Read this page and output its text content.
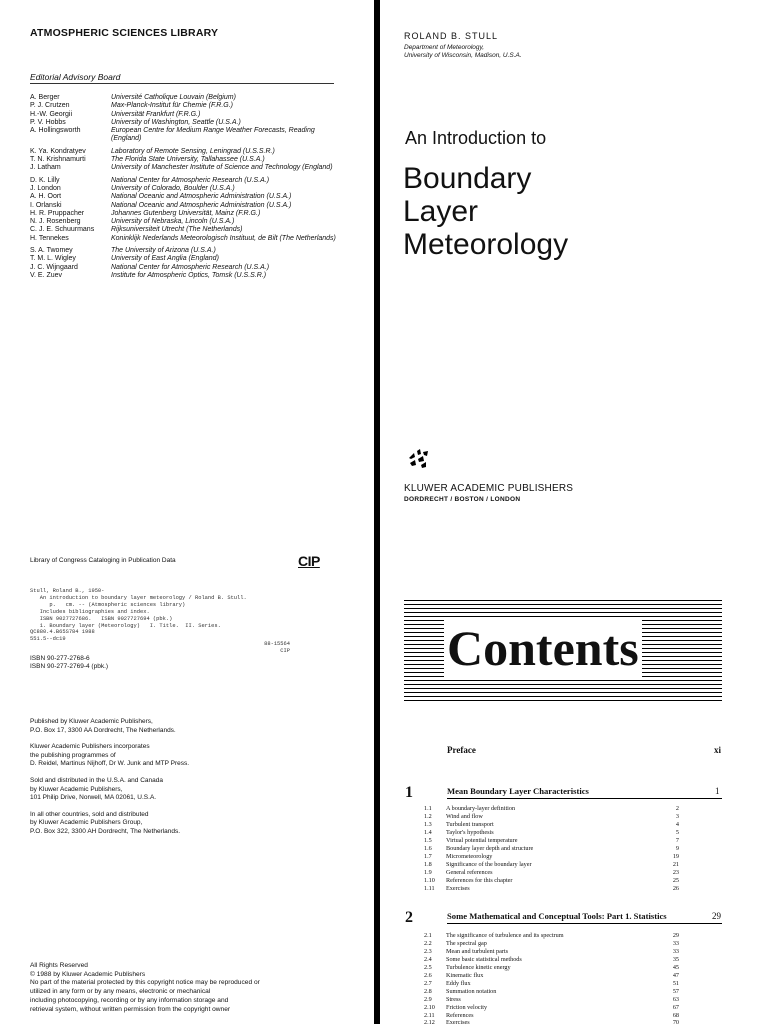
ATMOSPHERIC SCIENCES LIBRARY
Editorial Advisory Board
A. Berger	Université Catholique Louvain (Belgium)
P. J. Crutzen	Max-Planck-Institut für Chemie (F.R.G.)
H.-W. Georgii	Universität Frankfurt (F.R.G.)
P. V. Hobbs	University of Washington, Seattle (U.S.A.)
A. Hollingsworth	European Centre for Medium Range Weather Forecasts, Reading (England)
K. Ya. Kondratyev	Laboratory of Remote Sensing, Leningrad (U.S.S.R.)
T. N. Krishnamurti	The Florida State University, Tallahassee (U.S.A.)
J. Latham	University of Manchester Institute of Science and Technology (England)
D. K. Lilly	National Center for Atmospheric Research (U.S.A.)
J. London	University of Colorado, Boulder (U.S.A.)
A. H. Oort	National Oceanic and Atmospheric Administration (U.S.A.)
I. Orlanski	National Oceanic and Atmospheric Administration (U.S.A.)
H. R. Pruppacher	Johannes Gutenberg Universität, Mainz (F.R.G.)
N. J. Rosenberg	University of Nebraska, Lincoln (U.S.A.)
C. J. E. Schuurmans	Rijksuniversiteit Utrecht (The Netherlands)
H. Tennekes	Koninklijk Nederlands Meteorologisch Instituut, de Bilt (The Netherlands)
S. A. Twomey	The University of Arizona (U.S.A.)
T. M. L. Wigley	University of East Anglia (England)
J. C. Wijngaard	National Center for Atmospheric Research (U.S.A.)
V. E. Zuev	Institute for Atmospheric Optics, Tomsk (U.S.S.R.)
Library of Congress Cataloging in Publication Data	CIP
Stull, Roland B., 1950-
An introduction to boundary layer meteorology / Roland B. Stull.
p.   cm. -- (Atmospheric sciences library)
Includes bibliographies and index.
ISBN 9027727686.   ISBN 9027727694 (pbk.)
1. Boundary layer (Meteorology)   I. Title.  II. Series.
QC880.4.B65S784 1988
551.5--dc19
88-15564
CIP
ISBN 90-277-2768-6
ISBN 90-277-2769-4 (pbk.)

Published by Kluwer Academic Publishers,
P.O. Box 17, 3300 AA Dordrecht, The Netherlands.

Kluwer Academic Publishers incorporates
the publishing programmes of
D. Reidel, Martinus Nijhoff, Dr W. Junk and MTP Press.

Sold and distributed in the U.S.A. and Canada
by Kluwer Academic Publishers,
101 Philip Drive, Norwell, MA 02061, U.S.A.

In all other countries, sold and distributed
by Kluwer Academic Publishers Group,
P.O. Box 322, 3300 AH Dordrecht, The Netherlands.

All Rights Reserved
© 1988 by Kluwer Academic Publishers
No part of the material protected by this copyright notice may be reproduced or
utilized in any form or by any means, electronic or mechanical
including photocopying, recording or by any information storage and
retrieval system, without written permission from the copyright owner
ROLAND B. STULL
Department of Meteorology,
University of Wisconsin, Madison, U.S.A.
An Introduction to
Boundary
Layer
Meteorology
KLUWER ACADEMIC PUBLISHERS
DORDRECHT / BOSTON / LONDON
Contents
Preface	xi
1	Mean Boundary Layer Characteristics	1
1.1	A boundary-layer definition	2
1.2	Wind and flow	3
1.3	Turbulent transport	4
1.4	Taylor's hypothesis	5
1.5	Virtual potential temperature	7
1.6	Boundary layer depth and structure	9
1.7	Micrometeorology	19
1.8	Significance of the boundary layer	21
1.9	General references	23
1.10	References for this chapter	25
1.11	Exercises	26
2	Some Mathematical and Conceptual Tools: Part 1. Statistics	29
2.1	The significance of turbulence and its spectrum	29
2.2	The spectral gap	33
2.3	Mean and turbulent parts	33
2.4	Some basic statistical methods	35
2.5	Turbulence kinetic energy	45
2.6	Kinematic flux	47
2.7	Eddy flux	51
2.8	Summation notation	57
2.9	Stress	63
2.10	Friction velocity	67
2.11	References	68
2.12	Exercises	70
